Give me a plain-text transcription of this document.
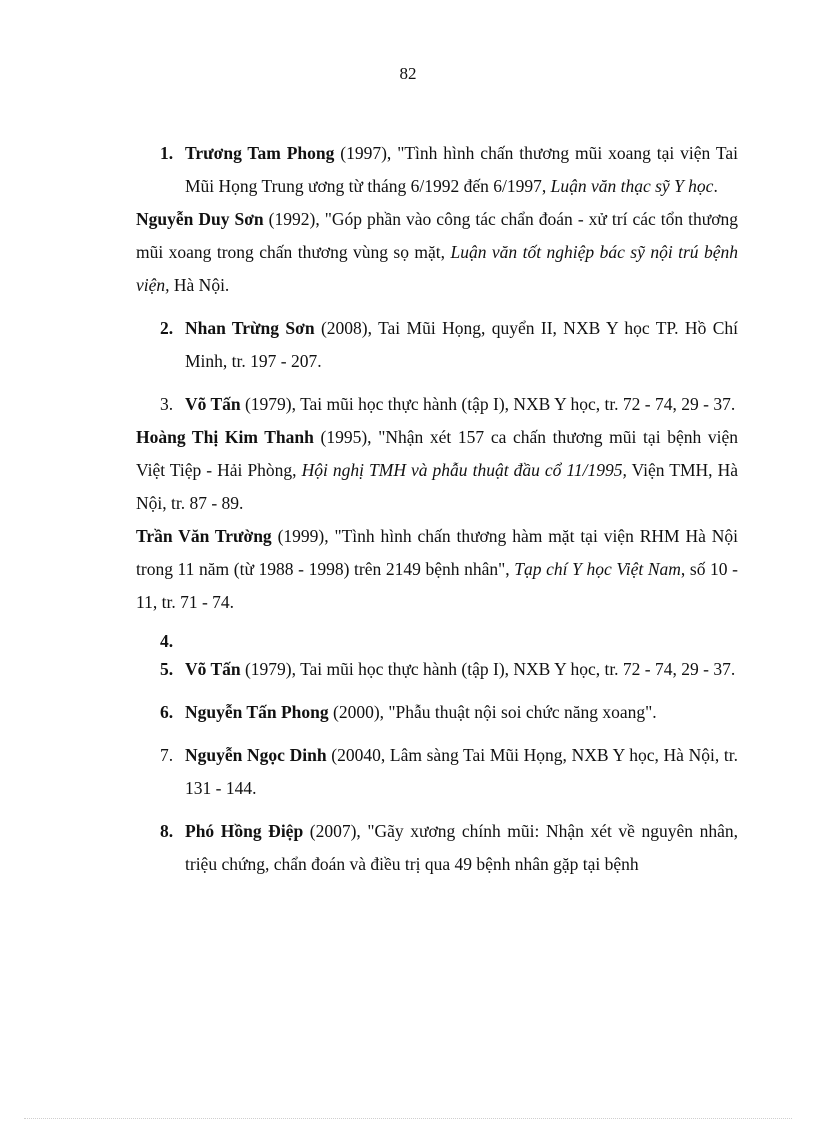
82

1. Trương Tam Phong (1997), "Tình hình chấn thương mũi xoang tại viện Tai Mũi Họng Trung ương từ tháng 6/1992 đến 6/1997, Luận văn thạc sỹ Y học.

Nguyễn Duy Sơn (1992), "Góp phần vào công tác chẩn đoán - xử trí các tổn thương mũi xoang trong chấn thương vùng sọ mặt, Luận văn tốt nghiệp bác sỹ nội trú bệnh viện, Hà Nội.

2. Nhan Trừng Sơn (2008), Tai Mũi Họng, quyển II, NXB Y học TP. Hồ Chí Minh, tr. 197 - 207.

3. Võ Tấn (1979), Tai mũi học thực hành (tập I), NXB Y học, tr. 72 - 74, 29 - 37.

Hoàng Thị Kim Thanh (1995), "Nhận xét 157 ca chấn thương mũi tại bệnh viện Việt Tiệp - Hải Phòng, Hội nghị TMH và phẫu thuật đầu cổ 11/1995, Viện TMH, Hà Nội, tr. 87 - 89.

Trần Văn Trường (1999), "Tình hình chấn thương hàm mặt tại viện RHM Hà Nội trong 11 năm (từ 1988 - 1998) trên 2149 bệnh nhân", Tạp chí Y học Việt Nam, số 10 - 11, tr. 71 - 74.

4.

5. Võ Tấn (1979), Tai mũi học thực hành (tập I), NXB Y học, tr. 72 - 74, 29 - 37.

6. Nguyễn Tấn Phong (2000), "Phẫu thuật nội soi chức năng xoang".

7. Nguyễn Ngọc Dinh (20040, Lâm sàng Tai Mũi Họng, NXB Y học, Hà Nội, tr. 131 - 144.

8. Phó Hồng Điệp (2007), "Gãy xương chính mũi: Nhận xét về nguyên nhân, triệu chứng, chẩn đoán và điều trị qua 49 bệnh nhân gặp tại bệnh
